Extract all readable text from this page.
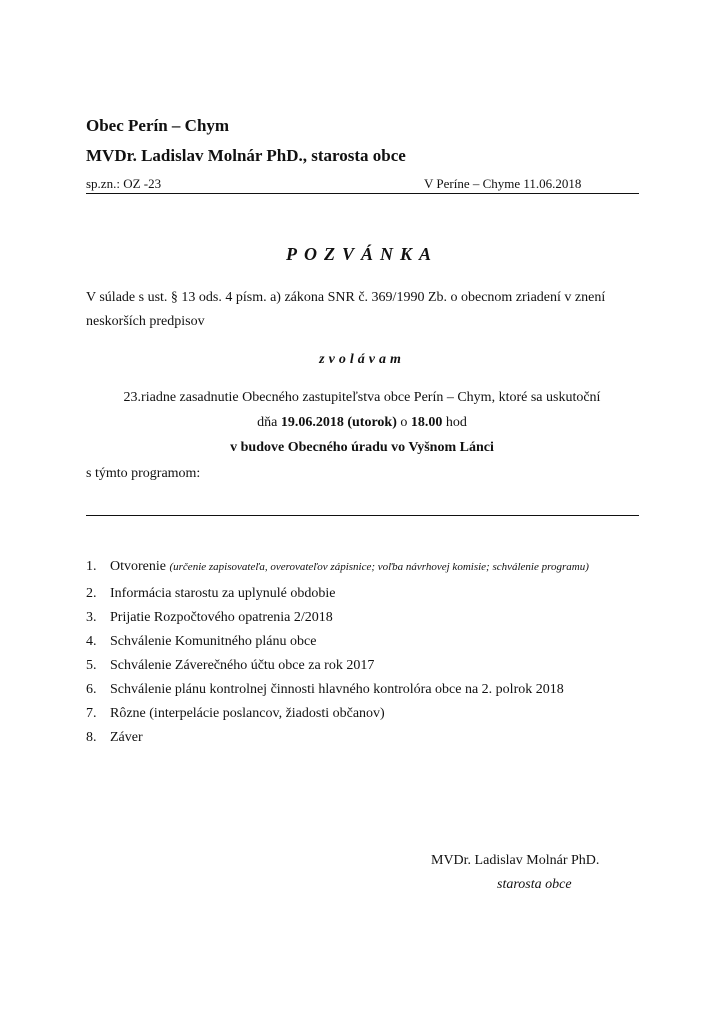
Obec Perín – Chym
MVDr. Ladislav Molnár PhD., starosta obce
sp.zn.: OZ -23	V Períne – Chyme 11.06.2018
POZVÁNKA
V súlade s ust. § 13 ods. 4 písm. a) zákona SNR č. 369/1990 Zb. o obecnom zriadení v znení
neskorších predpisov
zvolávam
23.riadne zasadnutie Obecného zastupiteľstva obce Perín – Chym, ktoré sa uskutoční
dňa 19.06.2018 (utorok) o 18.00 hod
v budove Obecného úradu vo Vyšnom Lánci
s týmto programom:
1. Otvorenie (určenie zapisovateľa, overovateľov zápisnice; voľba návrhovej komisie; schválenie programu)
2. Informácia starostu za uplynulé obdobie
3. Prijatie Rozpočtového opatrenia 2/2018
4. Schválenie Komunitného plánu obce
5. Schválenie Záverečného účtu obce za rok 2017
6. Schválenie plánu kontrolnej činnosti hlavného kontrolóra obce na 2. polrok 2018
7. Rôzne (interpelácie poslancov, žiadosti občanov)
8. Záver
MVDr. Ladislav Molnár PhD.
starosta obce
